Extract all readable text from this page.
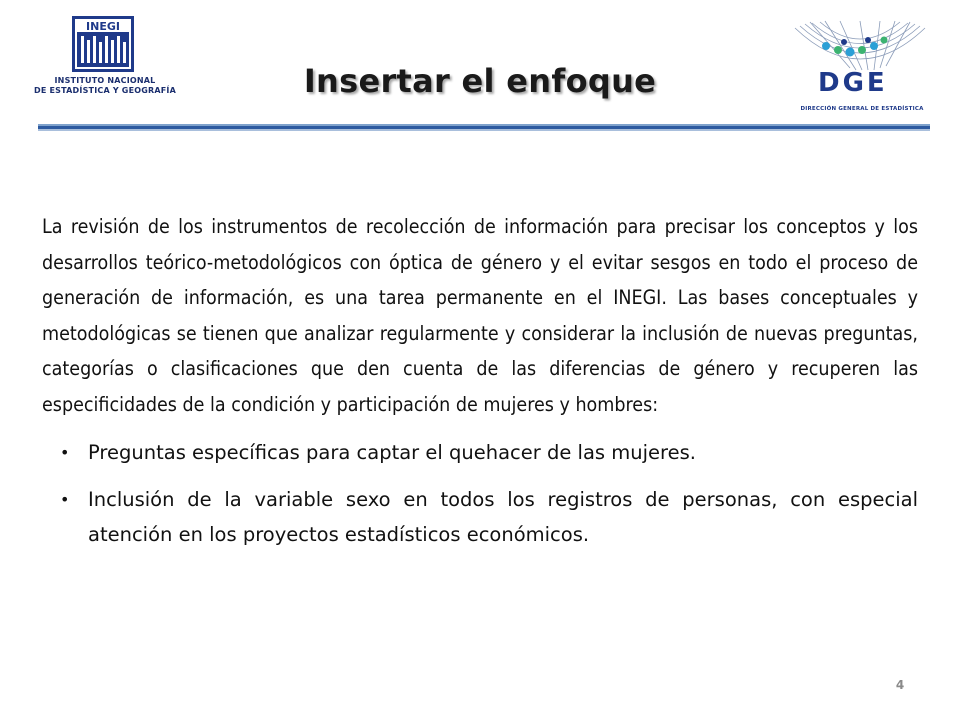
INEGI
INSTITUTO NACIONAL
DE ESTADÍSTICA Y GEOGRAFÍA	DGE
DIRECCIÓN GENERAL DE ESTADÍSTICA
Insertar el enfoque

La revisión de los instrumentos de recolección de información para precisar los conceptos y los desarrollos teórico-metodológicos con óptica de género y el evitar sesgos en todo el proceso de generación de información, es una tarea permanente en el INEGI. Las bases conceptuales y metodológicas se tienen que analizar regularmente y considerar la inclusión de nuevas preguntas, categorías o clasificaciones que den cuenta de las diferencias de género y recuperen las especificidades de la condición y participación de mujeres y hombres:

• Preguntas específicas para captar el quehacer de las mujeres.
• Inclusión de la variable sexo en todos los registros de personas, con especial atención en los proyectos estadísticos económicos.
4
